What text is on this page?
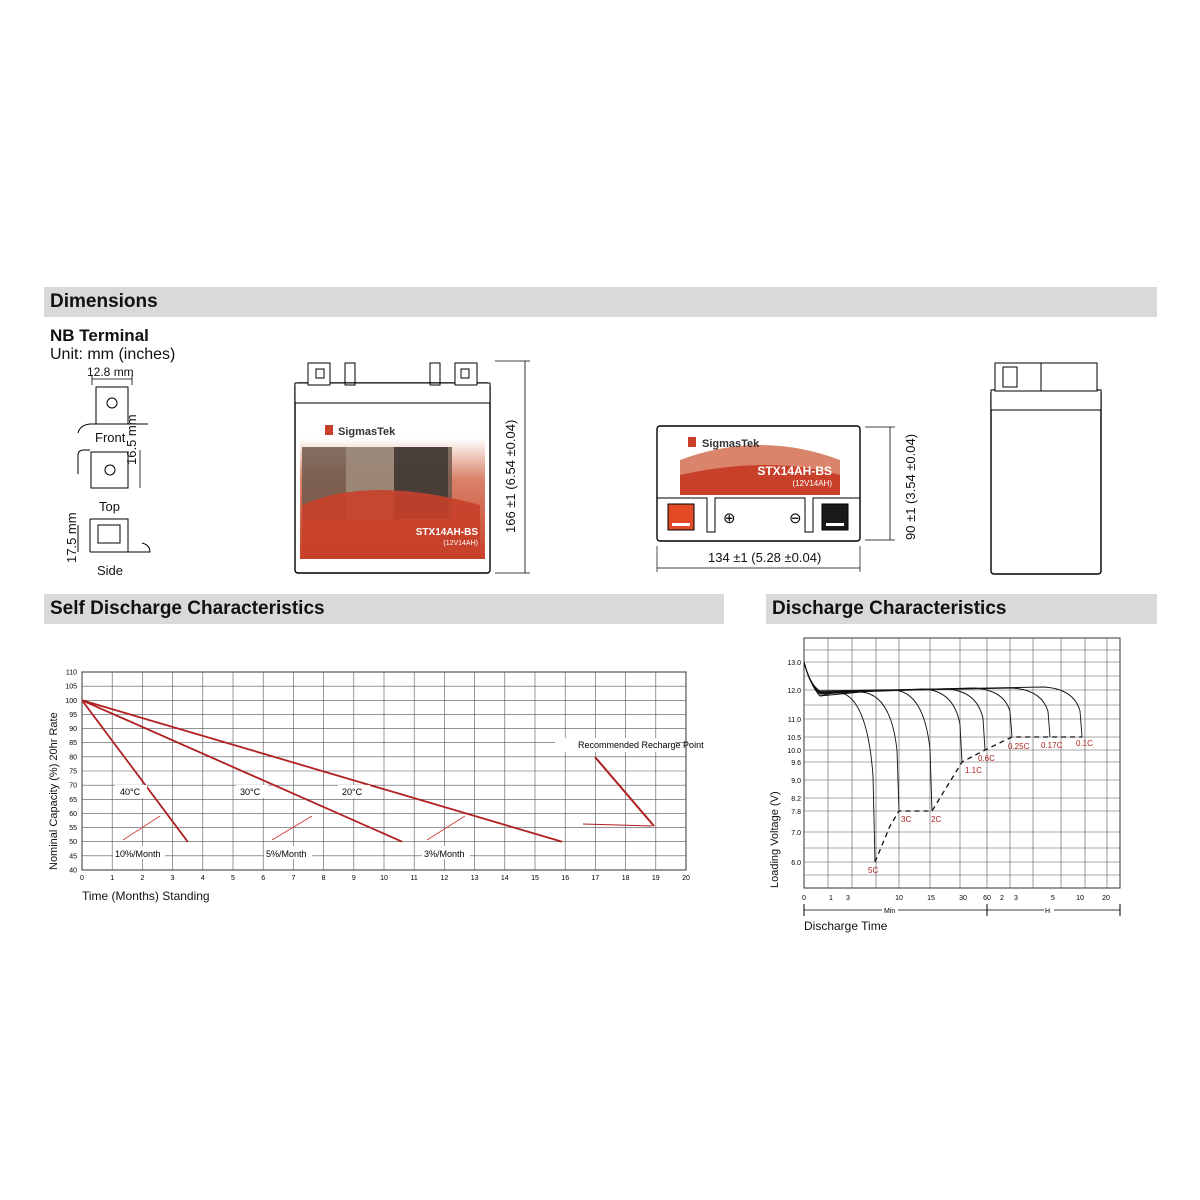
Dimensions
NB Terminal
Unit: mm (inches)
12.8 mm
Front
16.5 mm
Top
17.5 mm
Side
SigmasTek
STX14AH-BS
(12V14AH)
166 ±1 (6.54 ±0.04)	SigmasTek
STX14AH-BS
(12V14AH)
⊕	⊖
134 ±1 (5.28 ±0.04)
90 ±1 (3.54 ±0.04)
Self Discharge Characteristics
0	1	2	3	4	5	6	7	8	9	10	11	12	13	14	15	16	17	18	19	20
40
45
50
55
60
65
70
75
80
85
90
95
100
105
110
Recommended Recharge Point
40°C	30°C	20°C
10%/Month	5%/Month	3%/Month
Time (Months) Standing
Nominal Capacity (%) 20hr Rate
Discharge Characteristics
6.0
7.0
7.8
8.2
9.0
9.6
10.0
10.5
11.0
12.0
13.0
0	1 3	10	15	30 60 2 3	5	10	20
5C
3C 2C
1.1C
0.6C
0.25C 0.17C 0.1C
Min	H
Discharge Time
Loading Voltage (V)
